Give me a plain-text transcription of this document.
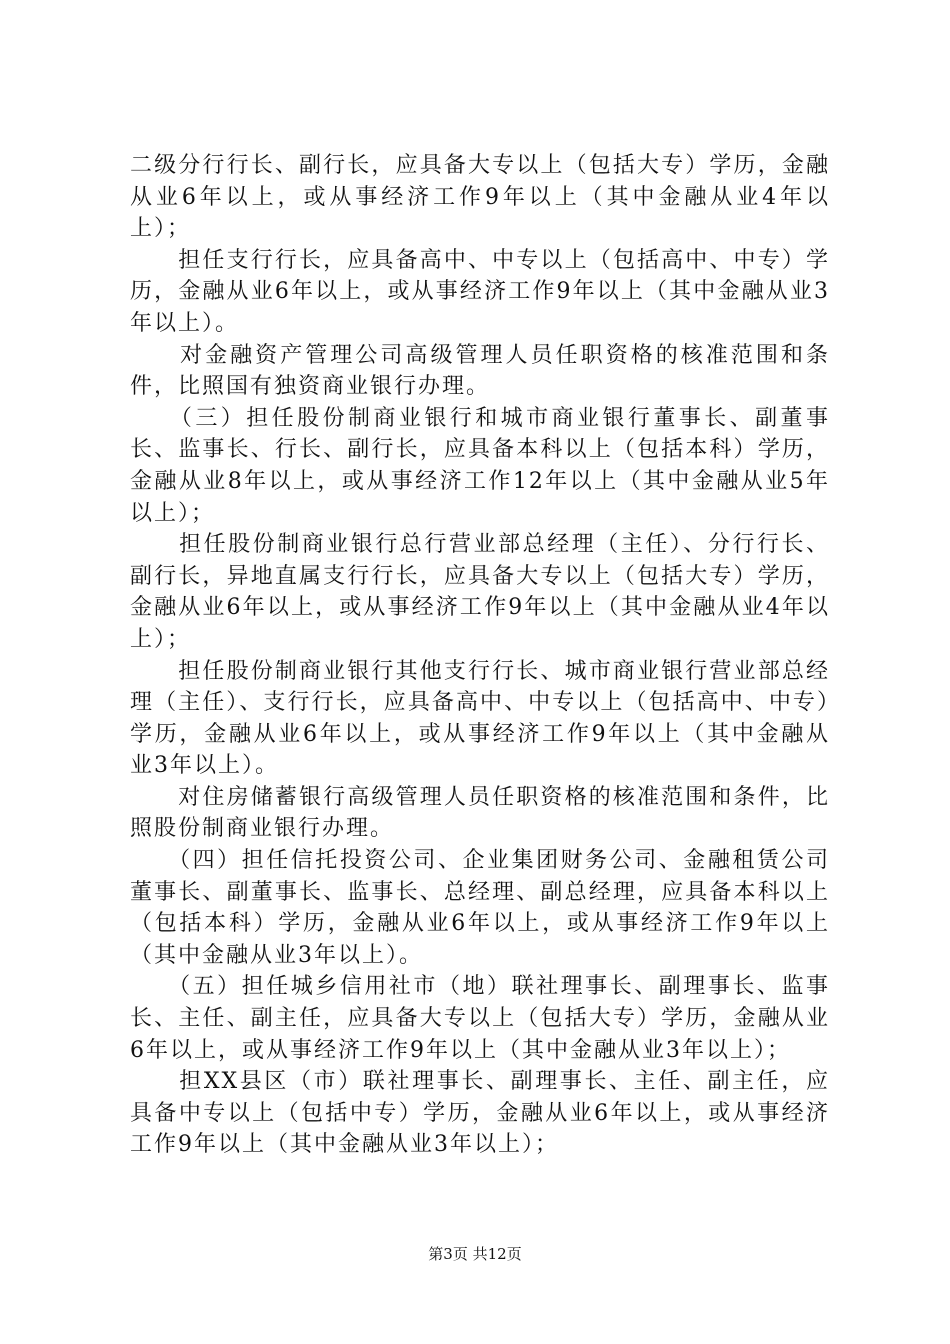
二级分行行长、副行长，应具备大专以上（包括大专）学历，金融从业6年以上，或从事经济工作9年以上（其中金融从业4年以上）；

　　担任支行行长，应具备高中、中专以上（包括高中、中专）学历，金融从业6年以上，或从事经济工作9年以上（其中金融从业3年以上）。

　　对金融资产管理公司高级管理人员任职资格的核准范围和条件，比照国有独资商业银行办理。

　　（三）担任股份制商业银行和城市商业银行董事长、副董事长、监事长、行长、副行长，应具备本科以上（包括本科）学历，金融从业8年以上，或从事经济工作12年以上（其中金融从业5年以上）；

　　担任股份制商业银行总行营业部总经理（主任）、分行行长、副行长，异地直属支行行长，应具备大专以上（包括大专）学历，金融从业6年以上，或从事经济工作9年以上（其中金融从业4年以上）；

　　担任股份制商业银行其他支行行长、城市商业银行营业部总经理（主任）、支行行长，应具备高中、中专以上（包括高中、中专）学历，金融从业6年以上，或从事经济工作9年以上（其中金融从业3年以上）。

　　对住房储蓄银行高级管理人员任职资格的核准范围和条件，比照股份制商业银行办理。

　　（四）担任信托投资公司、企业集团财务公司、金融租赁公司董事长、副董事长、监事长、总经理、副总经理，应具备本科以上（包括本科）学历，金融从业6年以上，或从事经济工作9年以上（其中金融从业3年以上）。

　　（五）担任城乡信用社市（地）联社理事长、副理事长、监事长、主任、副主任，应具备大专以上（包括大专）学历，金融从业6年以上，或从事经济工作9年以上（其中金融从业3年以上）；

　　担XX县区（市）联社理事长、副理事长、主任、副主任，应具备中专以上（包括中专）学历，金融从业6年以上，或从事经济工作9年以上（其中金融从业3年以上）；

第3页 共12页
